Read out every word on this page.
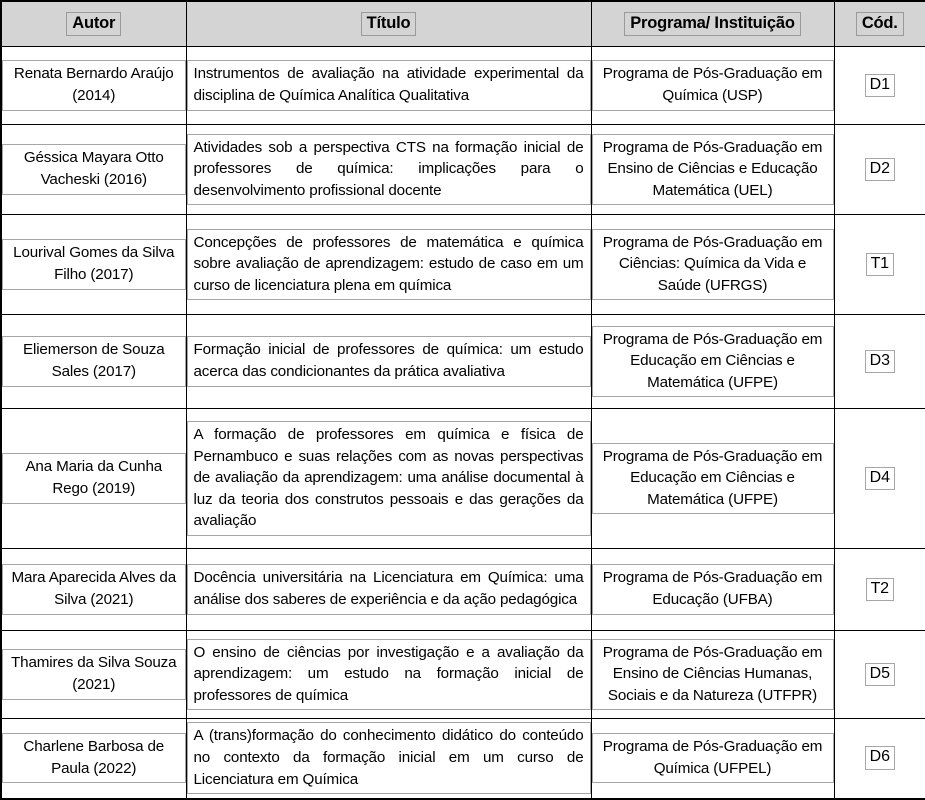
Autor	Título	Programa/ Instituição	Cód.

Renata Bernardo Araújo (2014)	Instrumentos de avaliação na atividade experimental da disciplina de Química Analítica Qualitativa	Programa de Pós-Graduação em Química (USP)	D1

Géssica Mayara Otto Vacheski (2016)	Atividades sob a perspectiva CTS na formação inicial de professores de química: implicações para o desenvolvimento profissional docente	Programa de Pós-Graduação em Ensino de Ciências e Educação Matemática (UEL)	D2

Lourival Gomes da Silva Filho (2017)	Concepções de professores de matemática e química sobre avaliação de aprendizagem: estudo de caso em um curso de licenciatura plena em química	Programa de Pós-Graduação em Ciências: Química da Vida e Saúde (UFRGS)	T1

Eliemerson de Souza Sales (2017)	Formação inicial de professores de química: um estudo acerca das condicionantes da prática avaliativa	Programa de Pós-Graduação em Educação em Ciências e Matemática (UFPE)	D3

Ana Maria da Cunha Rego (2019)	A formação de professores em química e física de Pernambuco e suas relações com as novas perspectivas de avaliação da aprendizagem: uma análise documental à luz da teoria dos construtos pessoais e das gerações da avaliação	Programa de Pós-Graduação em Educação em Ciências e Matemática (UFPE)	D4

Mara Aparecida Alves da Silva (2021)	Docência universitária na Licenciatura em Química: uma análise dos saberes de experiência e da ação pedagógica	Programa de Pós-Graduação em Educação (UFBA)	T2

Thamires da Silva Souza (2021)	O ensino de ciências por investigação e a avaliação da aprendizagem: um estudo na formação inicial de professores de química	Programa de Pós-Graduação em Ensino de Ciências Humanas, Sociais e da Natureza (UTFPR)	D5

Charlene Barbosa de Paula (2022)	A (trans)formação do conhecimento didático do conteúdo no contexto da formação inicial em um curso de Licenciatura em Química	Programa de Pós-Graduação em Química (UFPEL)	D6
